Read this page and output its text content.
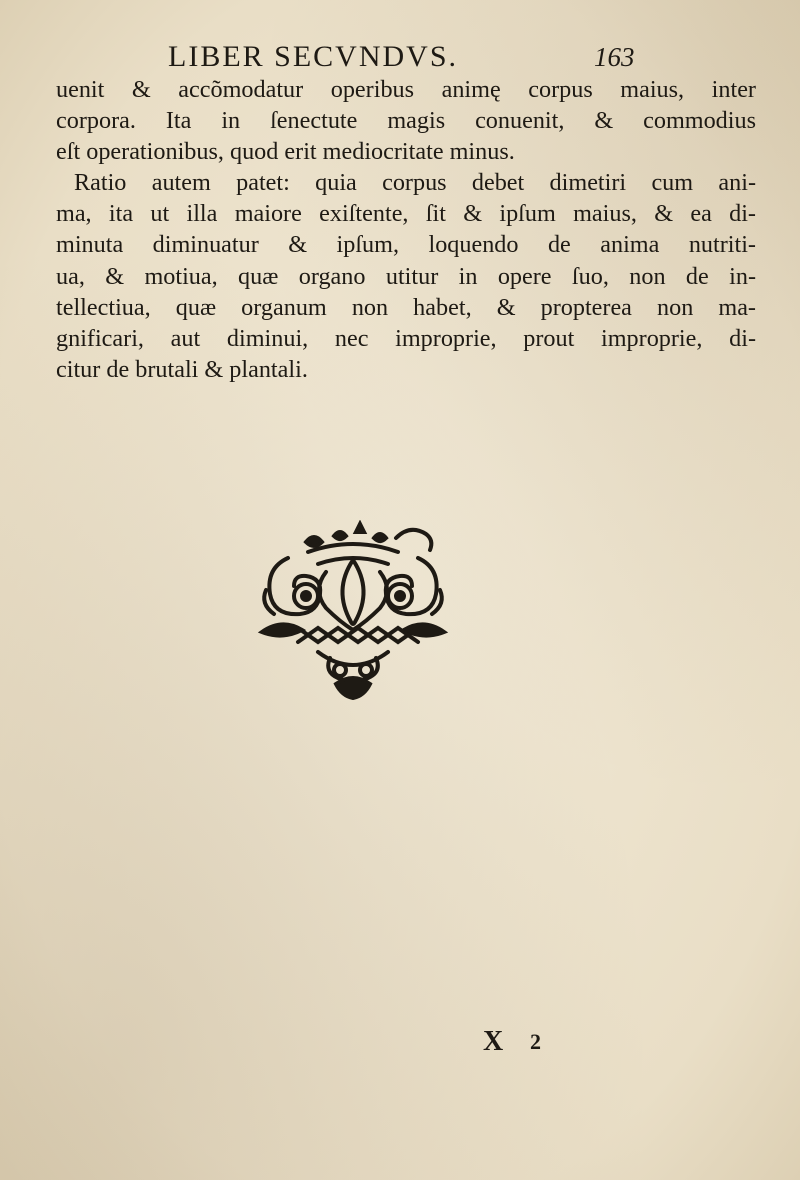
LIBER SECVNDVS.	163
uenit & accõmodatur operibus animę corpus maius, inter
corpora. Ita in ſenectute magis conuenit, & commodius
eſt operationibus, quod erit mediocritate minus.
Ratio autem patet: quia corpus debet dimetiri cum ani-
ma, ita ut illa maiore exiſtente, ſit & ipſum maius, & ea di-
minuta diminuatur & ipſum, loquendo de anima nutriti-
ua, & motiua, quæ organo utitur in opere ſuo, non de in-
tellectiua, quæ organum non habet, & propterea non ma-
gnificari, aut diminui, nec improprie, prout improprie, di-
citur de brutali & plantali.
X 2
